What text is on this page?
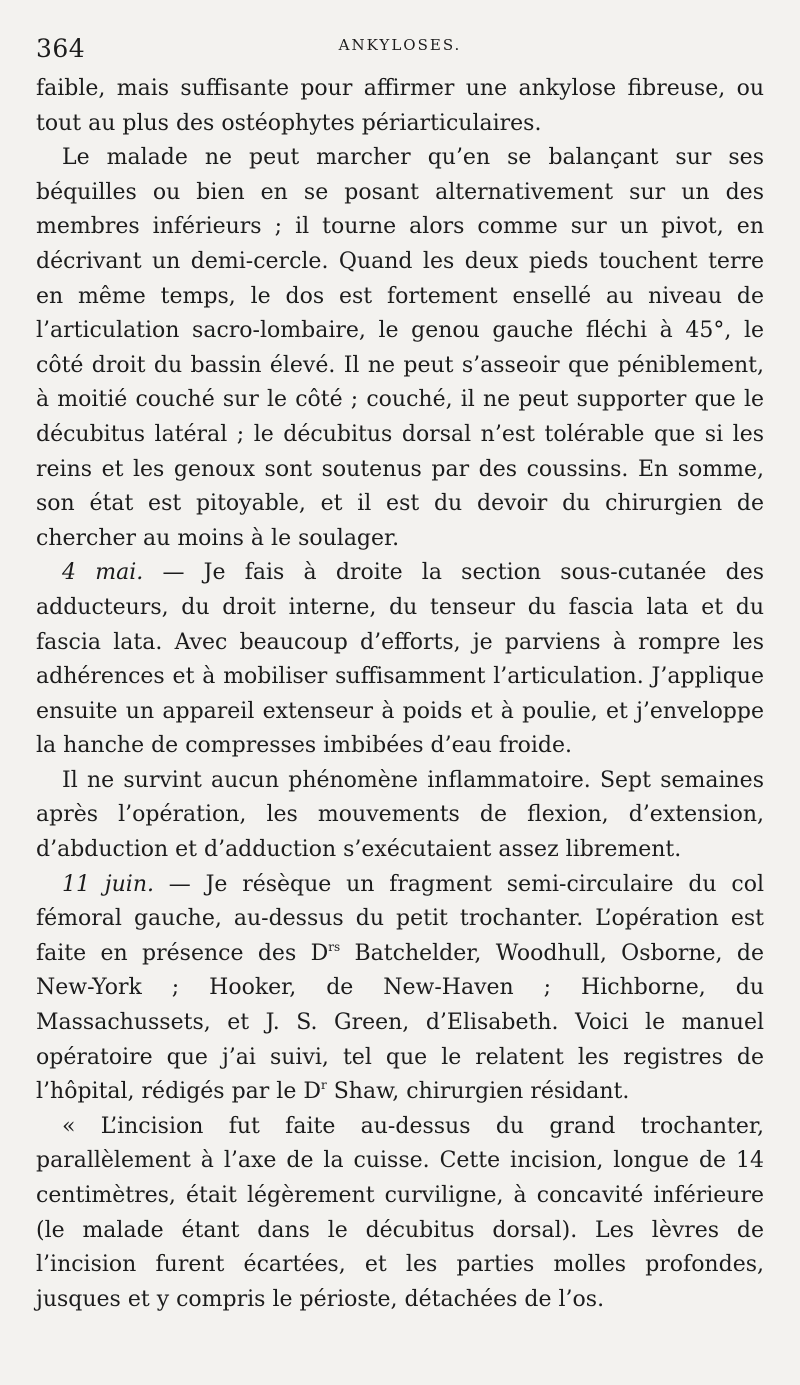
364	ANKYLOSES.

faible, mais suffisante pour affirmer une ankylose fibreuse, ou tout au plus des ostéophytes périarticulaires.

Le malade ne peut marcher qu’en se balançant sur ses béquilles ou bien en se posant alternativement sur un des membres inférieurs ; il tourne alors comme sur un pivot, en décrivant un demi-cercle. Quand les deux pieds touchent terre en même temps, le dos est fortement ensellé au niveau de l’articulation sacro-lombaire, le genou gauche fléchi à 45°, le côté droit du bassin élevé. Il ne peut s’asseoir que péniblement, à moitié couché sur le côté ; couché, il ne peut supporter que le décubitus latéral ; le décubitus dorsal n’est tolérable que si les reins et les genoux sont soutenus par des coussins. En somme, son état est pitoyable, et il est du devoir du chirurgien de chercher au moins à le soulager.

4 mai. — Je fais à droite la section sous-cutanée des adducteurs, du droit interne, du tenseur du fascia lata et du fascia lata. Avec beaucoup d’efforts, je parviens à rompre les adhérences et à mobiliser suffisamment l’articulation. J’applique ensuite un appareil extenseur à poids et à poulie, et j’enveloppe la hanche de compresses imbibées d’eau froide.

Il ne survint aucun phénomène inflammatoire. Sept semaines après l’opération, les mouvements de flexion, d’extension, d’abduction et d’adduction s’exécutaient assez librement.

11 juin. — Je résèque un fragment semi-circulaire du col fémoral gauche, au-dessus du petit trochanter. L’opération est faite en présence des $D^{rs}$ Batchelder, Woodhull, Osborne, de New-York ; Hooker, de New-Haven ; Hichborne, du Massachussets, et J. S. Green, d’Elisabeth. Voici le manuel opératoire que j’ai suivi, tel que le relatent les registres de l’hôpital, rédigés par le $D^r$ Shaw, chirurgien résidant.

« L’incision fut faite au-dessus du grand trochanter, parallèlement à l’axe de la cuisse. Cette incision, longue de 14 centimètres, était légèrement curviligne, à concavité inférieure (le malade étant dans le décubitus dorsal). Les lèvres de l’incision furent écartées, et les parties molles profondes, jusques et y compris le périoste, détachées de l’os.
